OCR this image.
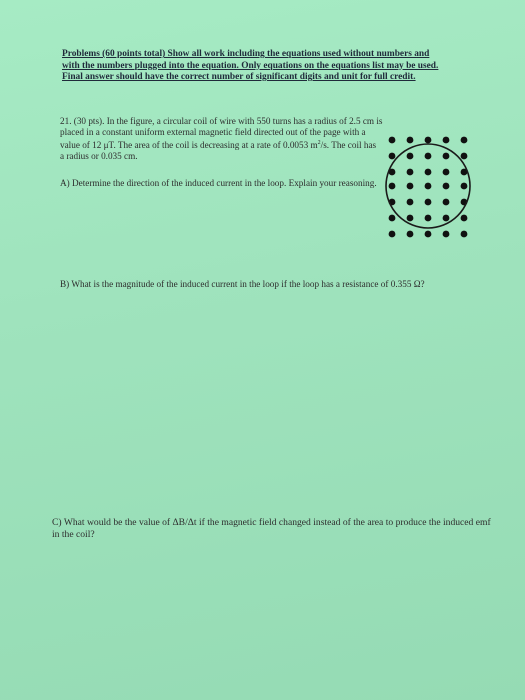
Problems (60 points total) Show all work including the equations used without numbers and with the numbers plugged into the equation. Only equations on the equations list may be used. Final answer should have the correct number of significant digits and unit for full credit.

21. (30 pts). In the figure, a circular coil of wire with 550 turns has a radius of 2.5 cm is

placed in a constant uniform external magnetic field directed out of the page with a value of 12 μT. The area of the coil is decreasing at a rate of 0.0053 $m^2/s$. The coil has a radius or 0.035 cm.

A) Determine the direction of the induced current in the loop. Explain your reasoning.

B) What is the magnitude of the induced current in the loop if the loop has a resistance of 0.355 Ω?

C) What would be the value of ΔB/Δt if the magnetic field changed instead of the area to produce the induced emf in the coil?
